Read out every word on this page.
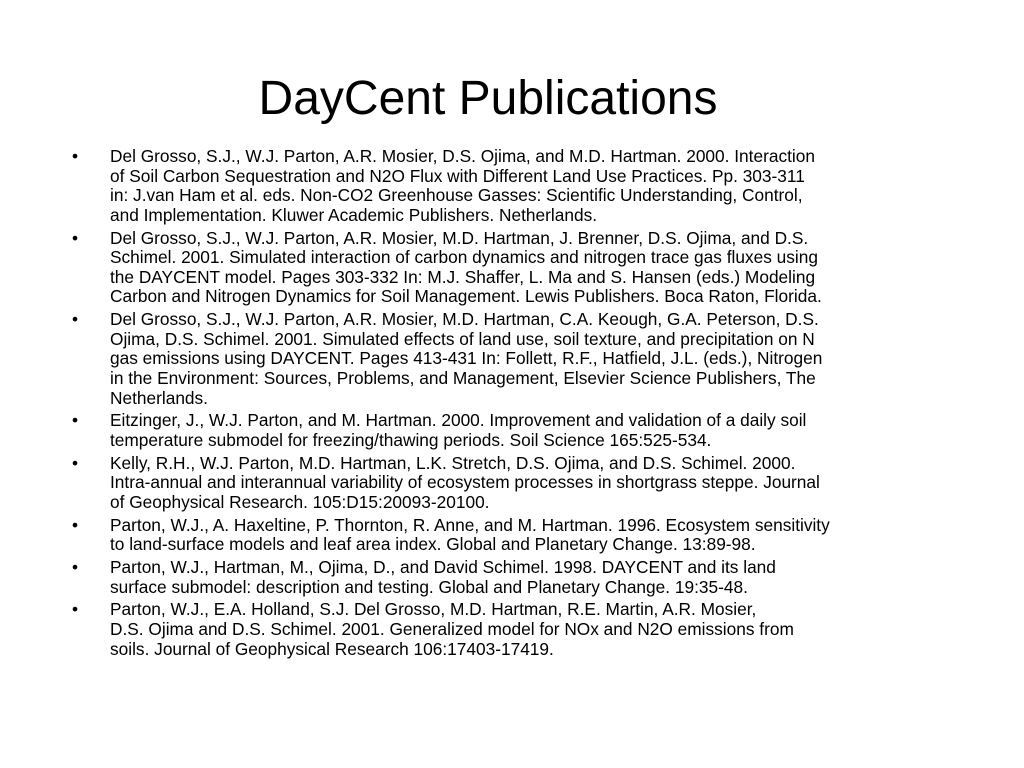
DayCent Publications
•	Del Grosso, S.J., W.J. Parton, A.R. Mosier, D.S. Ojima, and M.D. Hartman. 2000. Interaction
of Soil Carbon Sequestration and N2O Flux with Different Land Use Practices. Pp. 303-311
in: J.van Ham et al. eds. Non-CO2 Greenhouse Gasses: Scientific Understanding, Control,
and Implementation. Kluwer Academic Publishers. Netherlands.
•	Del Grosso, S.J., W.J. Parton, A.R. Mosier, M.D. Hartman, J. Brenner, D.S. Ojima, and D.S.
Schimel. 2001. Simulated interaction of carbon dynamics and nitrogen trace gas fluxes using
the DAYCENT model. Pages 303-332 In: M.J. Shaffer, L. Ma and S. Hansen (eds.) Modeling
Carbon and Nitrogen Dynamics for Soil Management. Lewis Publishers. Boca Raton, Florida.
•	Del Grosso, S.J., W.J. Parton, A.R. Mosier, M.D. Hartman, C.A. Keough, G.A. Peterson, D.S.
Ojima, D.S. Schimel. 2001. Simulated effects of land use, soil texture, and precipitation on N
gas emissions using DAYCENT. Pages 413-431 In: Follett, R.F., Hatfield, J.L. (eds.), Nitrogen
in the Environment: Sources, Problems, and Management, Elsevier Science Publishers, The
Netherlands.
•	Eitzinger, J., W.J. Parton, and M. Hartman. 2000. Improvement and validation of a daily soil
temperature submodel for freezing/thawing periods. Soil Science 165:525-534.
•	Kelly, R.H., W.J. Parton, M.D. Hartman, L.K. Stretch, D.S. Ojima, and D.S. Schimel. 2000.
Intra-annual and interannual variability of ecosystem processes in shortgrass steppe. Journal
of Geophysical Research. 105:D15:20093-20100.
•	Parton, W.J., A. Haxeltine, P. Thornton, R. Anne, and M. Hartman. 1996. Ecosystem sensitivity
to land-surface models and leaf area index. Global and Planetary Change. 13:89-98.
•	Parton, W.J., Hartman, M., Ojima, D., and David Schimel. 1998. DAYCENT and its land
surface submodel: description and testing. Global and Planetary Change. 19:35-48.
•	Parton, W.J., E.A. Holland, S.J. Del Grosso, M.D. Hartman, R.E. Martin, A.R. Mosier,
D.S. Ojima and D.S. Schimel. 2001. Generalized model for NOx and N2O emissions from
soils. Journal of Geophysical Research 106:17403-17419.
